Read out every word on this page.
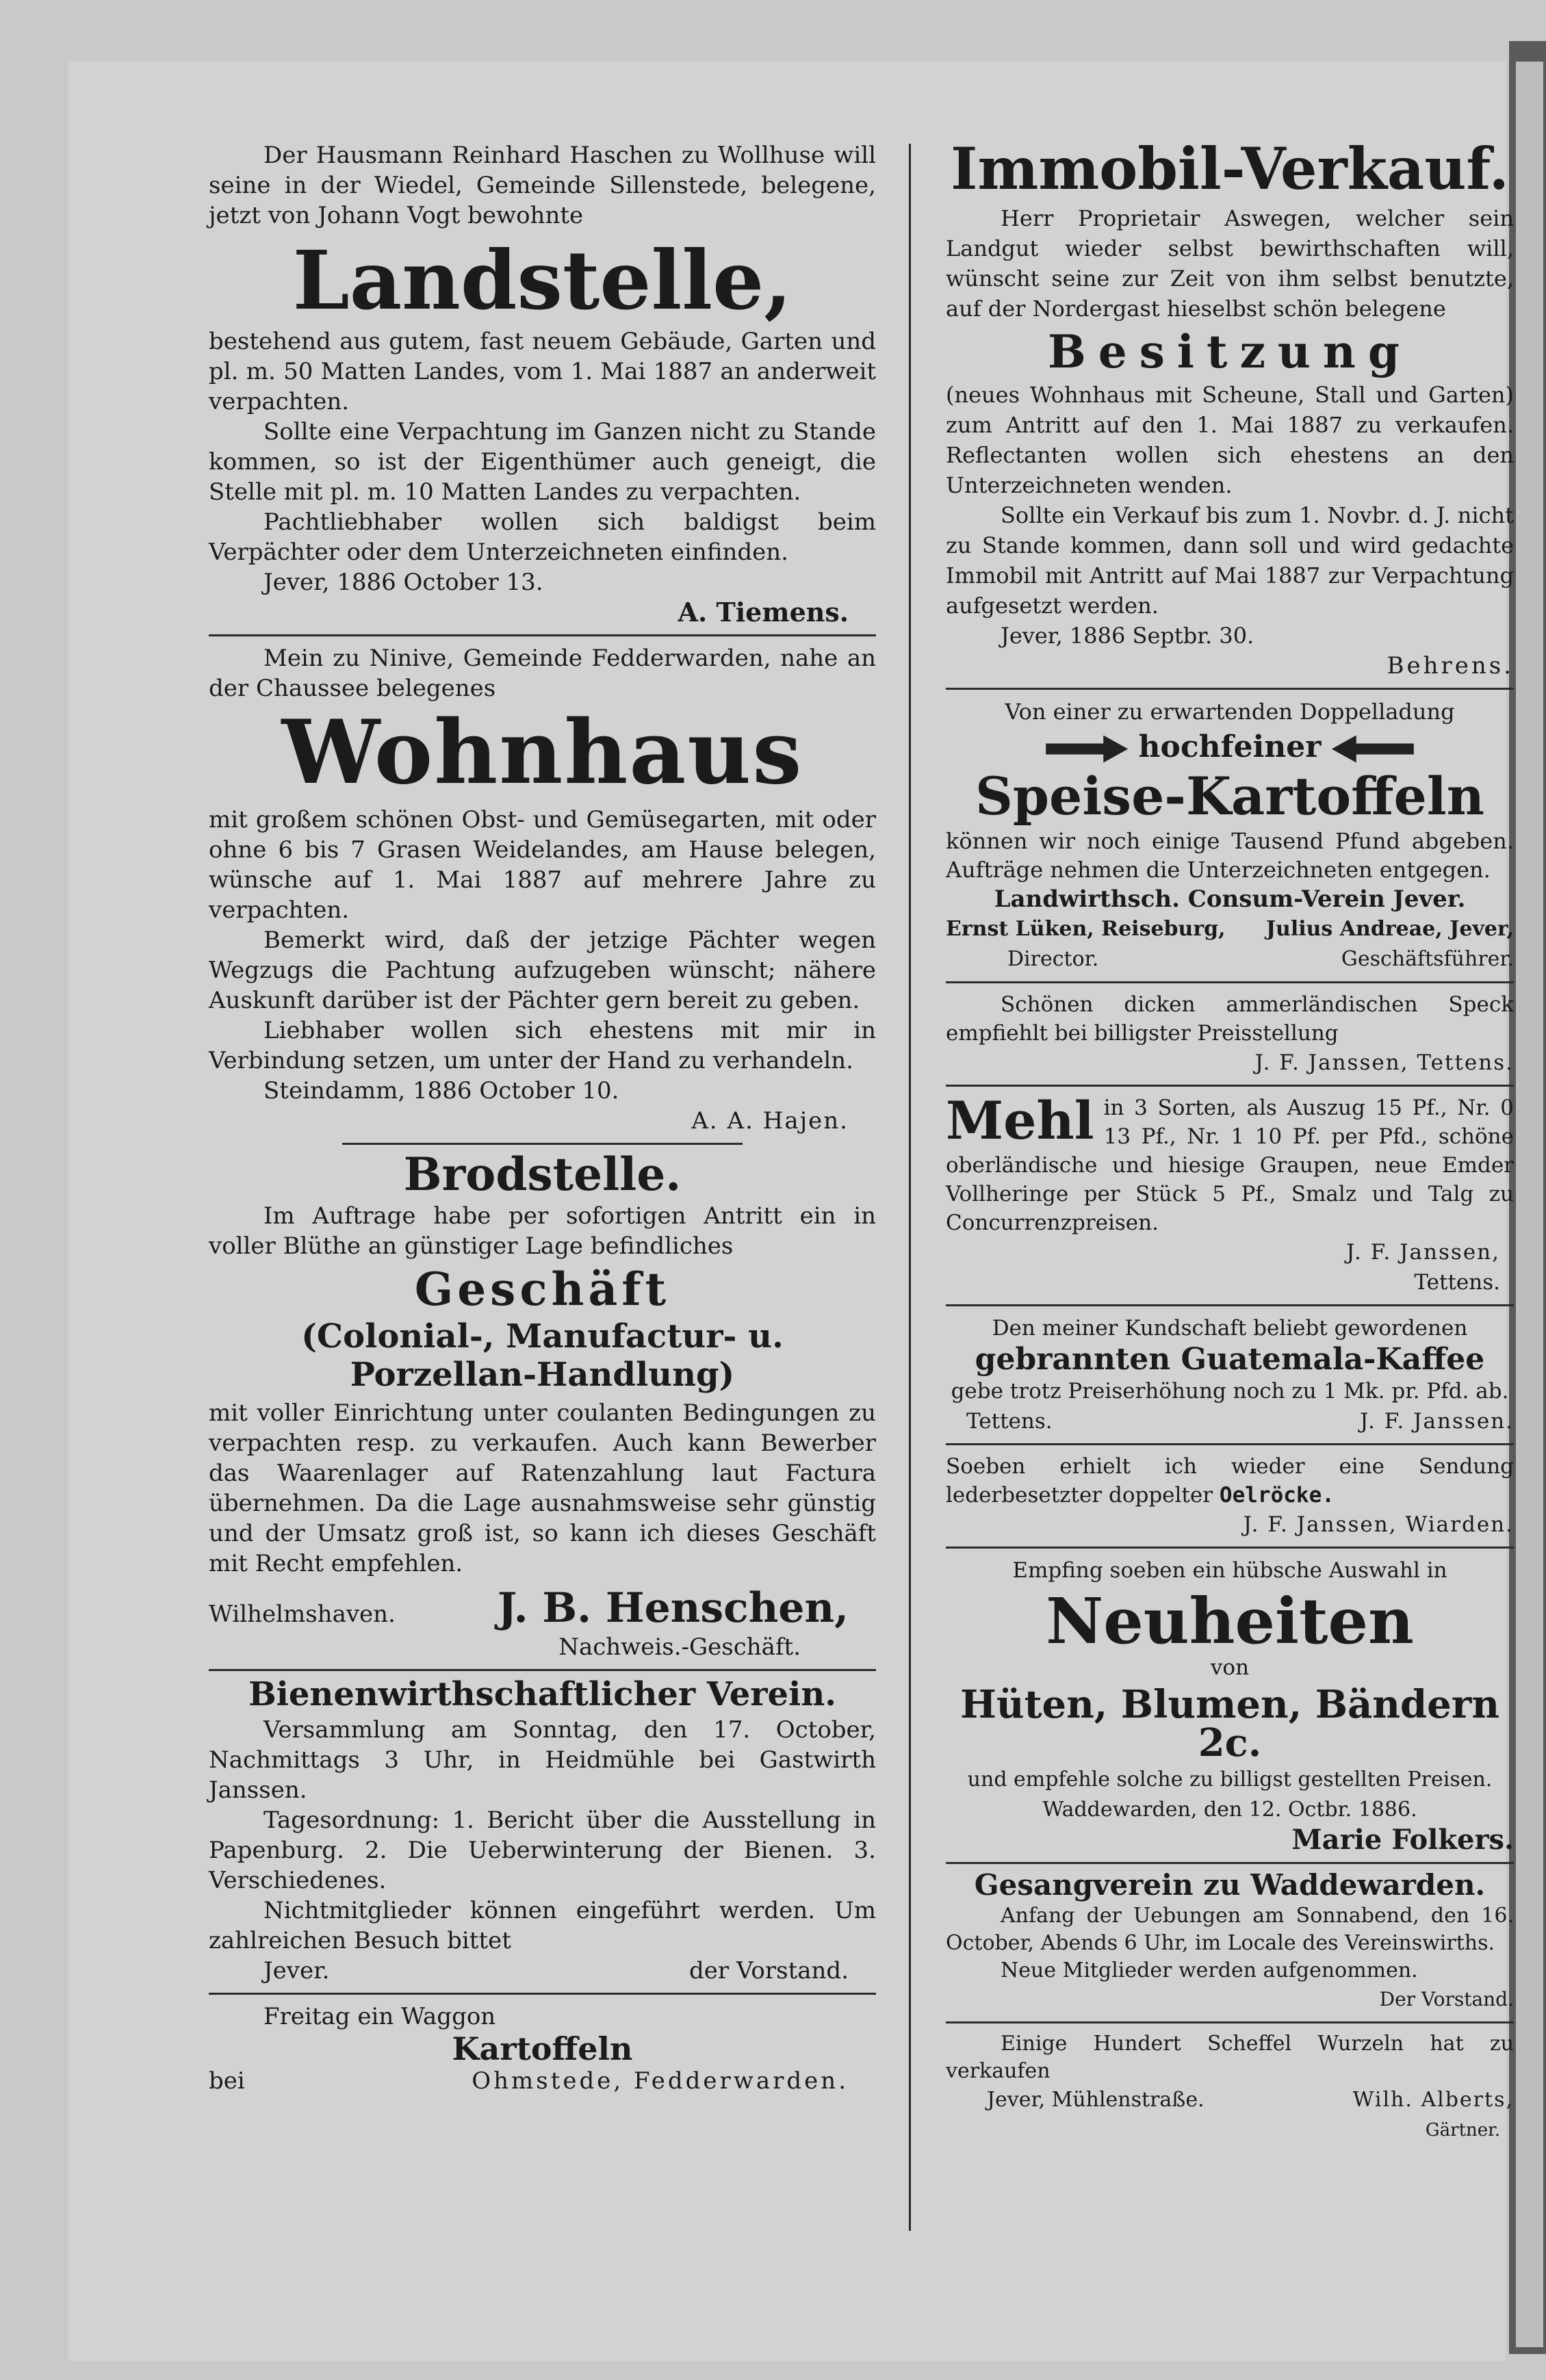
Der Hausmann Reinhard Haschen zu Wollhuse will seine in der Wiedel, Gemeinde Sillenstede, belegene, jetzt von Johann Vogt bewohnte

Landstelle,

bestehend aus gutem, fast neuem Gebäude, Garten und pl. m. 50 Matten Landes, vom 1. Mai 1887 an anderweit verpachten.

Sollte eine Verpachtung im Ganzen nicht zu Stande kommen, so ist der Eigenthümer auch geneigt, die Stelle mit pl. m. 10 Matten Landes zu verpachten.

Pachtliebhaber wollen sich baldigst beim Verpächter oder dem Unterzeichneten einfinden.

Jever, 1886 October 13.

A. Tiemens.

Mein zu Ninive, Gemeinde Fedderwarden, nahe an der Chaussee belegenes

Wohnhaus

mit großem schönen Obst- und Gemüsegarten, mit oder ohne 6 bis 7 Grasen Weidelandes, am Hause belegen, wünsche auf 1. Mai 1887 auf mehrere Jahre zu verpachten.

Bemerkt wird, daß der jetzige Pächter wegen Wegzugs die Pachtung aufzugeben wünscht; nähere Auskunft darüber ist der Pächter gern bereit zu geben.

Liebhaber wollen sich ehestens mit mir in Verbindung setzen, um unter der Hand zu verhandeln.

Steindamm, 1886 October 10.

A. A. Hajen.

Brodstelle.

Im Auftrage habe per sofortigen Antritt ein in voller Blüthe an günstiger Lage befindliches

Geschäft

(Colonial-, Manufactur- u. Porzellan-Handlung)

mit voller Einrichtung unter coulanten Bedingungen zu verpachten resp. zu verkaufen. Auch kann Bewerber das Waarenlager auf Ratenzahlung laut Factura übernehmen. Da die Lage ausnahmsweise sehr günstig und der Umsatz groß ist, so kann ich dieses Geschäft mit Recht empfehlen.

Wilhelmshaven. J. B. Henschen,

Nachweis.-Geschäft.

Bienenwirthschaftlicher Verein.

Versammlung am Sonntag, den 17. October, Nachmittags 3 Uhr, in Heidmühle bei Gastwirth Janssen.

Tagesordnung: 1. Bericht über die Ausstellung in Papenburg. 2. Die Ueberwinterung der Bienen. 3. Verschiedenes.

Nichtmitglieder können eingeführt werden. Um zahlreichen Besuch bittet

Jever.	der Vorstand.

Freitag ein Waggon

Kartoffeln

bei	Ohmstede, Fedderwarden.

Immobil-Verkauf.

Herr Proprietair Aswegen, welcher sein Landgut wieder selbst bewirthschaften will, wünscht seine zur Zeit von ihm selbst benutzte, auf der Nordergast hieselbst schön belegene

Besitzung

(neues Wohnhaus mit Scheune, Stall und Garten) zum Antritt auf den 1. Mai 1887 zu verkaufen. Reflectanten wollen sich ehestens an den Unterzeichneten wenden.

Sollte ein Verkauf bis zum 1. Novbr. d. J. nicht zu Stande kommen, dann soll und wird gedachte Immobil mit Antritt auf Mai 1887 zur Verpachtung aufgesetzt werden.

Jever, 1886 Septbr. 30.

Behrens.

Von einer zu erwartenden Doppelladung

hochfeiner

Speise-Kartoffeln

können wir noch einige Tausend Pfund abgeben. Aufträge nehmen die Unterzeichneten entgegen.

Landwirthsch. Consum-Verein Jever.

Ernst Lüken, Reiseburg, Julius Andreae, Jever,
Director.	Geschäftsführer.

Schönen dicken ammerländischen Speck empfiehlt bei billigster Preisstellung

J. F. Janssen, Tettens.

Mehl in 3 Sorten, als Auszug 15 Pf., Nr. 0 13 Pf., Nr. 1 10 Pf. per Pfd., schöne oberländische und hiesige Graupen, neue Emder Vollheringe per Stück 5 Pf., Smalz und Talg zu Concurrenzpreisen.

J. F. Janssen,

Tettens.

Den meiner Kundschaft beliebt gewordenen

gebrannten Guatemala-Kaffee

gebe trotz Preiserhöhung noch zu 1 Mk. pr. Pfd. ab.

Tettens.	J. F. Janssen.

Soeben erhielt ich wieder eine Sendung lederbesetzter doppelter Oelröcke.

J. F. Janssen, Wiarden.

Empfing soeben ein hübsche Auswahl in

Neuheiten

von

Hüten, Blumen, Bändern 2c.

und empfehle solche zu billigst gestellten Preisen.

Waddewarden, den 12. Octbr. 1886.

Marie Folkers.

Gesangverein zu Waddewarden.

Anfang der Uebungen am Sonnabend, den 16. October, Abends 6 Uhr, im Locale des Vereinswirths.

Neue Mitglieder werden aufgenommen.

Der Vorstand.

Einige Hundert Scheffel Wurzeln hat zu verkaufen

Jever, Mühlenstraße.	Wilh. Alberts,

Gärtner.
